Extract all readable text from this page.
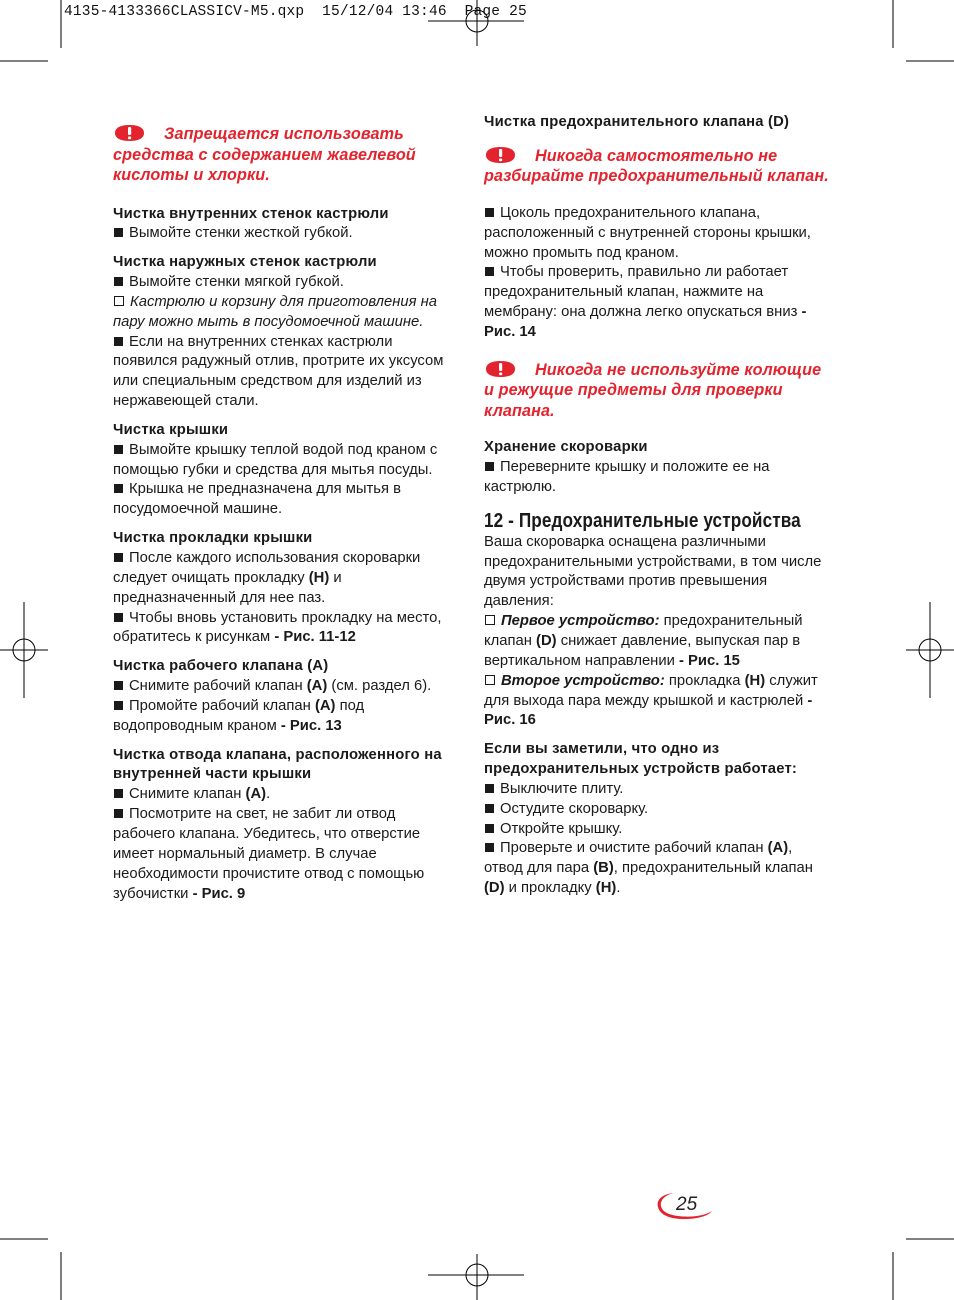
4135-4133366CLASSICV-M5.qxp  15/12/04 13:46  Page 25

Запрещается использовать средства с содержанием жавелевой кислоты и хлорки.

Чистка внутренних стенок кастрюли

Вымойте стенки жесткой губкой.

Чистка наружных стенок кастрюли

Вымойте стенки мягкой губкой.

Кастрюлю и корзину для приготовления на пару можно мыть в посудомоечной машине.

Если на внутренних стенках кастрюли появился радужный отлив, протрите их уксусом или специальным средством для изделий из нержавеющей стали.

Чистка крышки

Вымойте крышку теплой водой под краном с помощью губки и средства для мытья посуды.

Крышка не предназначена для мытья в посудомоечной машине.

Чистка прокладки крышки

После каждого использования скороварки следует очищать прокладку (H) и предназначенный для нее паз.

Чтобы вновь установить прокладку на место, обратитесь к рисункам - Рис. 11-12

Чистка рабочего клапана (А)

Снимите рабочий клапан (A) (см. раздел 6).

Промойте рабочий клапан (A) под водопроводным краном - Рис. 13

Чистка отвода клапана, расположенного на внутренней части крышки

Снимите клапан (A).

Посмотрите на свет, не забит ли отвод рабочего клапана. Убедитесь, что отверстие имеет нормальный диаметр. В случае необходимости прочистите отвод с помощью зубочистки - Рис. 9

Чистка предохранительного клапана (D)

Никогда самостоятельно не разбирайте предохранительный клапан.

Цоколь предохранительного клапана, расположенный с внутренней стороны крышки, можно промыть под краном.

Чтобы проверить, правильно ли работает предохранительный клапан, нажмите на мембрану: она должна легко опускаться вниз - Рис. 14

Никогда не используйте колющие и режущие предметы для проверки клапана.

Хранение скороварки

Переверните крышку и положите ее на кастрюлю.

12 - Предохранительные устройства

Ваша скороварка оснащена различными предохранительными устройствами, в том числе двумя устройствами против превышения давления:

Первое устройство: предохранительный клапан (D) снижает давление, выпуская пар в вертикальном направлении - Рис. 15

Второе устройство: прокладка (H) служит для выхода пара между крышкой и кастрюлей - Рис. 16

Если вы заметили, что одно из предохранительных устройств работает:

Выключите плиту.

Остудите скороварку.

Откройте крышку.

Проверьте и очистите рабочий клапан (A), отвод для пара (B), предохранительный клапан (D) и прокладку (H).

25
